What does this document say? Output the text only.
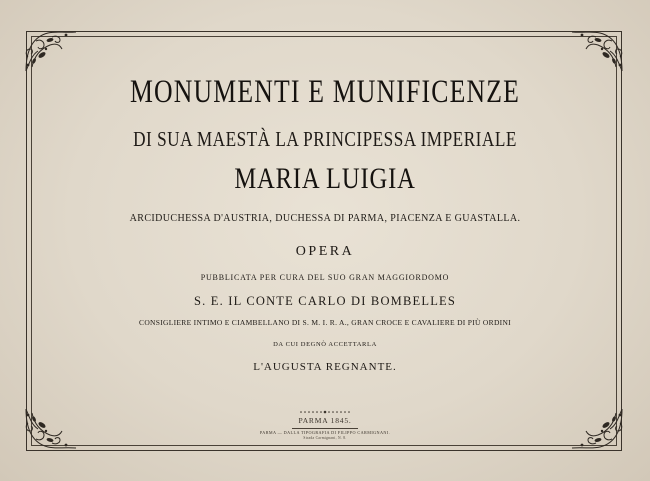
MONUMENTI E MUNIFICENZE
DI SUA MAESTÀ LA PRINCIPESSA IMPERIALE
MARIA LUIGIA
ARCIDUCHESSA D'AUSTRIA, DUCHESSA DI PARMA, PIACENZA E GUASTALLA.
OPERA
PUBBLICATA PER CURA DEL SUO GRAN MAGGIORDOMO
S. E. IL CONTE CARLO DI BOMBELLES
CONSIGLIERE INTIMO E CIAMBELLANO DI S. M. I. R. A., GRAN CROCE E CAVALIERE DI PIÙ ORDINI
DA CUI DEGNÒ ACCETTARLA
L'AUGUSTA REGNANTE.
PARMA 1845.
PARMA — DALLA TIPOGRAFIA DI FILIPPO CARMIGNANI.
Strada Carmignani, N. 8.
